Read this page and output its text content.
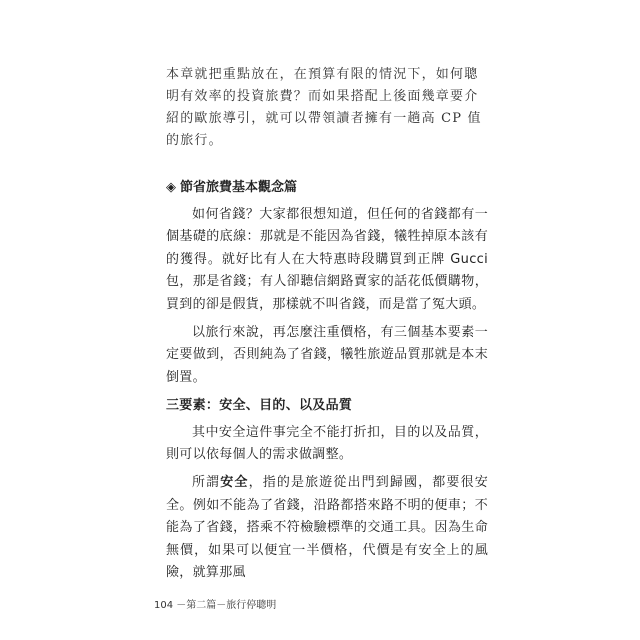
本章就把重點放在，在預算有限的情況下，如何聰明有效率的投資旅費？而如果搭配上後面幾章要介紹的歐旅導引，就可以帶領讀者擁有一趟高 CP 值的旅行。

◈ 節省旅費基本觀念篇

如何省錢？大家都很想知道，但任何的省錢都有一個基礎的底線：那就是不能因為省錢，犧牲掉原本該有的獲得。就好比有人在大特惠時段購買到正牌 Gucci 包，那是省錢；有人卻聽信網路賣家的話花低價購物，買到的卻是假貨，那樣就不叫省錢，而是當了冤大頭。

以旅行來說，再怎麼注重價格，有三個基本要素一定要做到，否則純為了省錢，犧牲旅遊品質那就是本末倒置。

三要素：安全、目的、以及品質

其中安全這件事完全不能打折扣，目的以及品質，則可以依每個人的需求做調整。

所謂安全，指的是旅遊從出門到歸國，都要很安全。例如不能為了省錢，沿路都搭來路不明的便車；不能為了省錢，搭乘不符檢驗標準的交通工具。因為生命無價，如果可以便宜一半價格，代價是有安全上的風險，就算那風

104 －第二篇－旅行停聰明
